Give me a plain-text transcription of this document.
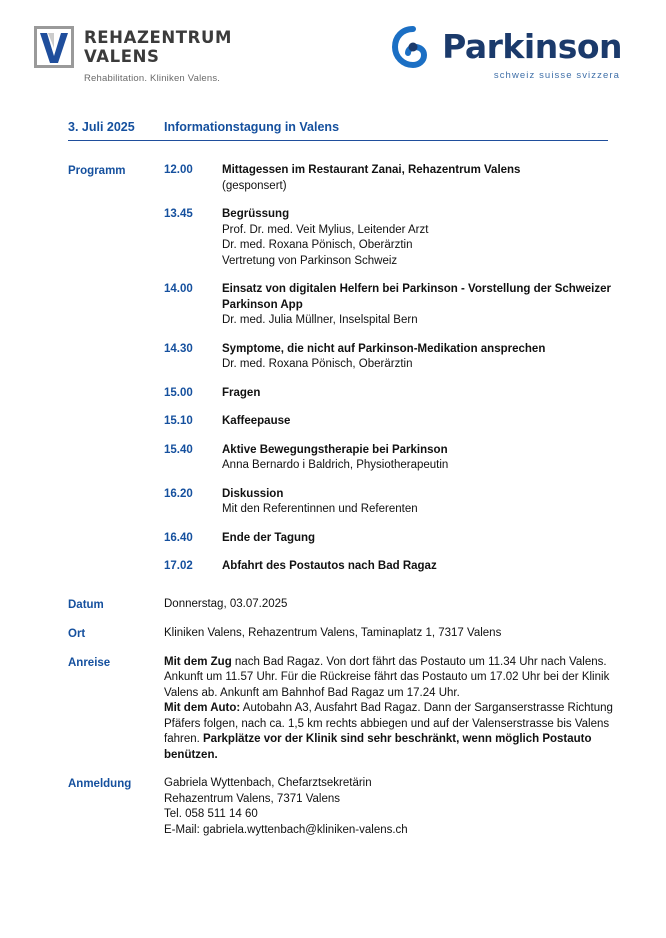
REHAZENTRUM
VALENS
Rehabilitation. Kliniken Valens.
Parkinson
schweiz suisse svizzera
3. Juli 2025	Informationstagung in Valens
Programm	12.00	Mittagessen im Restaurant Zanai, Rehazentrum Valens
(gesponsert)
13.45	Begrüssung
Prof. Dr. med. Veit Mylius, Leitender Arzt
Dr. med. Roxana Pönisch, Oberärztin
Vertretung von Parkinson Schweiz
14.00	Einsatz von digitalen Helfern bei Parkinson - Vorstellung der Schweizer Parkinson App
Dr. med. Julia Müllner, Inselspital Bern
14.30	Symptome, die nicht auf Parkinson-Medikation ansprechen
Dr. med. Roxana Pönisch, Oberärztin
15.00	Fragen
15.10	Kaffeepause
15.40	Aktive Bewegungstherapie bei Parkinson
Anna Bernardo i Baldrich, Physiotherapeutin
16.20	Diskussion
Mit den Referentinnen und Referenten
16.40	Ende der Tagung
17.02	Abfahrt des Postautos nach Bad Ragaz
Datum	Donnerstag, 03.07.2025
Ort	Kliniken Valens, Rehazentrum Valens, Taminaplatz 1, 7317 Valens
Anreise	Mit dem Zug nach Bad Ragaz. Von dort fährt das Postauto um 11.34 Uhr nach Valens. Ankunft um 11.57 Uhr. Für die Rückreise fährt das Postauto um 17.02 Uhr bei der Klinik Valens ab. Ankunft am Bahnhof Bad Ragaz um 17.24 Uhr.
Mit dem Auto: Autobahn A3, Ausfahrt Bad Ragaz. Dann der Sarganserstrasse Richtung Pfäfers folgen, nach ca. 1,5 km rechts abbiegen und auf der Valenserstrasse bis Valens fahren. Parkplätze vor der Klinik sind sehr beschränkt, wenn möglich Postauto benützen.
Anmeldung	Gabriela Wyttenbach, Chefarztsekretärin
Rehazentrum Valens, 7371 Valens
Tel. 058 511 14 60
E-Mail: gabriela.wyttenbach@kliniken-valens.ch
